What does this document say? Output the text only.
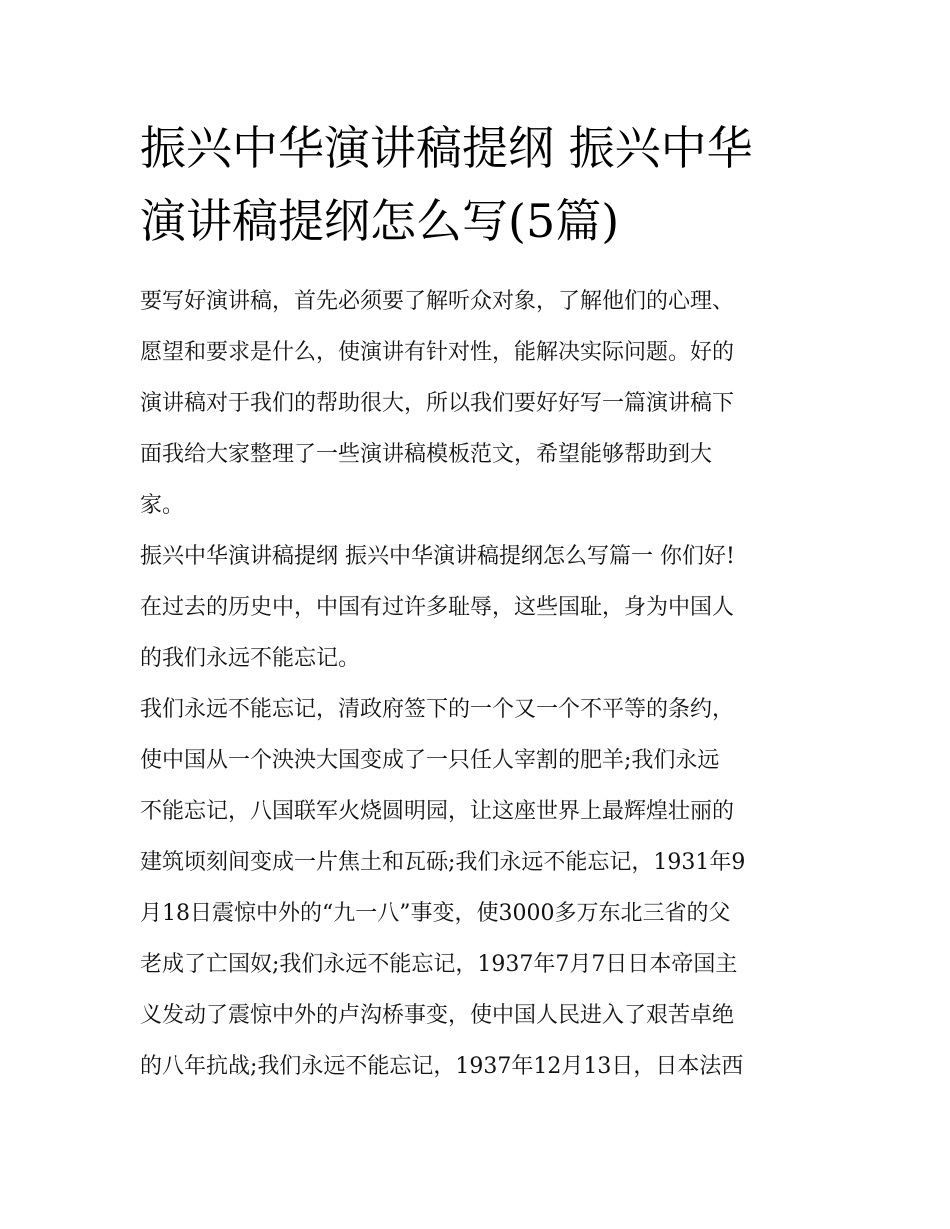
振兴中华演讲稿提纲 振兴中华
演讲稿提纲怎么写(5篇)
要写好演讲稿，首先必须要了解听众对象，了解他们的心理、
愿望和要求是什么，使演讲有针对性，能解决实际问题。好的
演讲稿对于我们的帮助很大，所以我们要好好写一篇演讲稿下
面我给大家整理了一些演讲稿模板范文，希望能够帮助到大
家。
振兴中华演讲稿提纲 振兴中华演讲稿提纲怎么写篇一 你们好!
在过去的历史中，中国有过许多耻辱，这些国耻，身为中国人
的我们永远不能忘记。
我们永远不能忘记，清政府签下的一个又一个不平等的条约，
使中国从一个泱泱大国变成了一只任人宰割的肥羊;我们永远
不能忘记，八国联军火烧圆明园，让这座世界上最辉煌壮丽的
建筑顷刻间变成一片焦土和瓦砾;我们永远不能忘记，1931年9
月18日震惊中外的“九一八”事变，使3000多万东北三省的父
老成了亡国奴;我们永远不能忘记，1937年7月7日日本帝国主
义发动了震惊中外的卢沟桥事变，使中国人民进入了艰苦卓绝
的八年抗战;我们永远不能忘记，1937年12月13日，日本法西
